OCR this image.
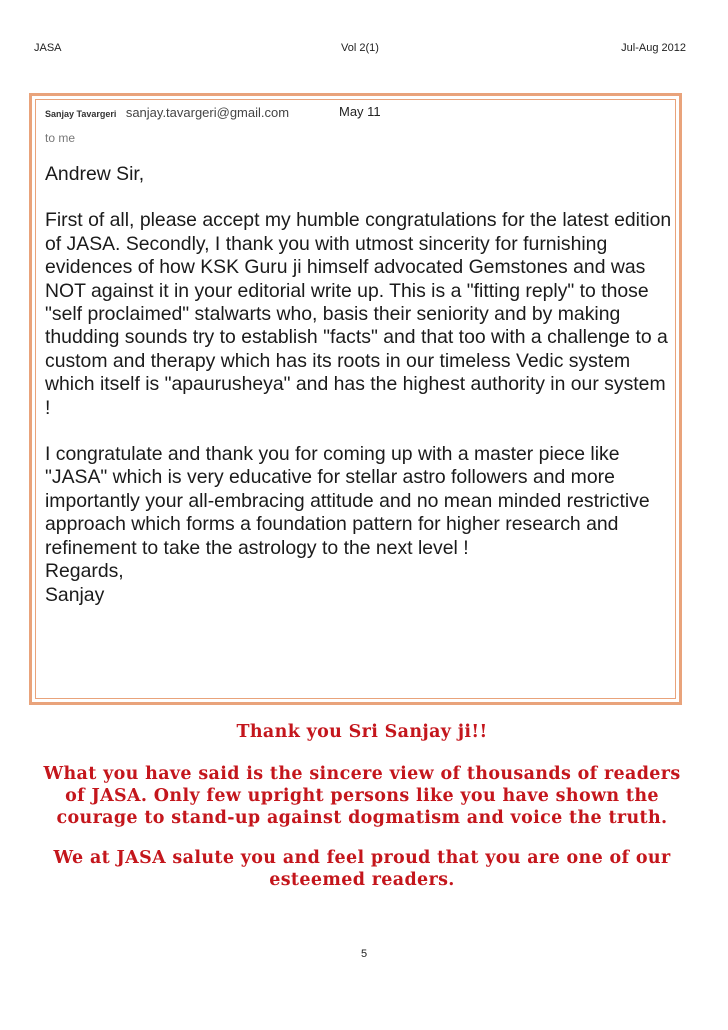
JASA	Vol 2(1)	Jul-Aug 2012
Sanjay Tavargeri sanjay.tavargeri@gmail.com	May 11
to me

Andrew Sir,

First of all, please accept my humble congratulations for the latest edition of JASA. Secondly, I thank you with utmost sincerity for furnishing evidences of how KSK Guru ji himself advocated Gemstones and was NOT against it in your editorial write up. This is a "fitting reply" to those "self proclaimed" stalwarts who, basis their seniority and by making thudding sounds try to establish "facts" and that too with a challenge to a custom and therapy which has its roots in our timeless Vedic system which itself is "apaurusheya" and has the highest authority in our system !

I congratulate and thank you for coming up with a master piece like "JASA" which is very educative for stellar astro followers and more importantly your all-embracing attitude and no mean minded restrictive approach which forms a foundation pattern for higher research and refinement to take the astrology to the next level !

Regards,

Sanjay

Thank you Sri Sanjay ji!!

What you have said is the sincere view of thousands of readers of JASA. Only few upright persons like you have shown the courage to stand-up against dogmatism and voice the truth.

We at JASA salute you and feel proud that you are one of our esteemed readers.

5
